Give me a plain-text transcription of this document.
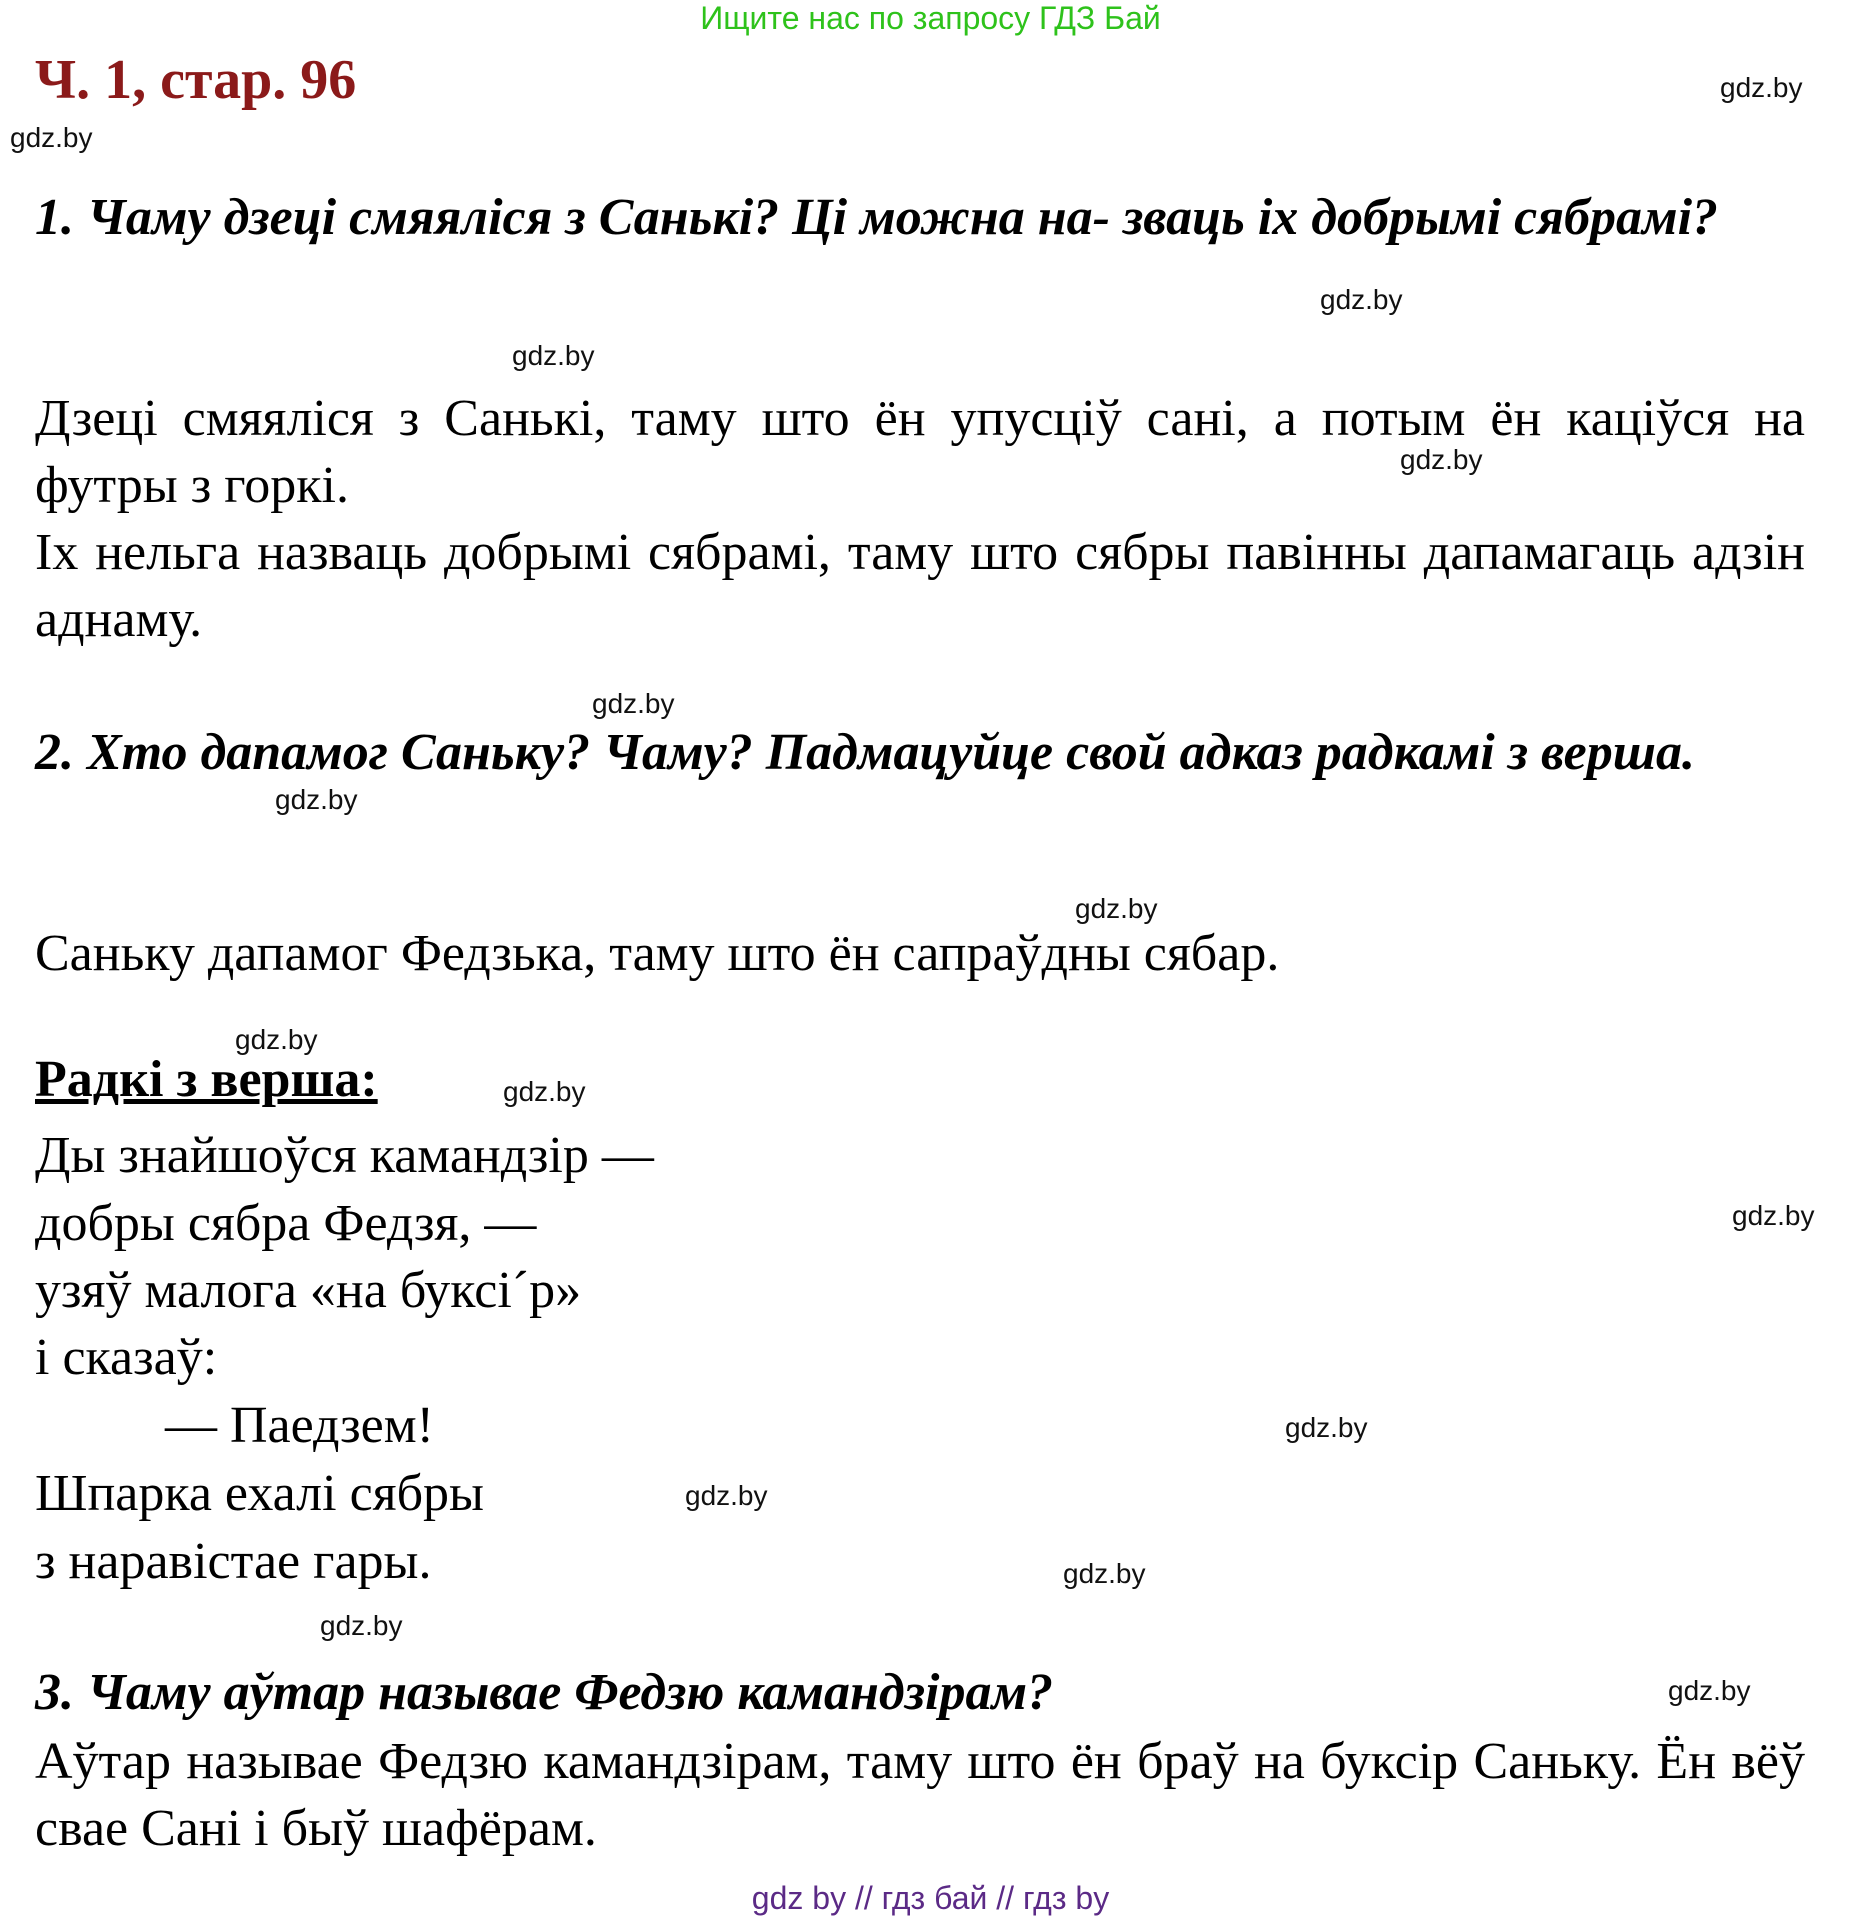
Ищите нас по запросу ГДЗ Бай
Ч. 1, стар. 96	gdz.by
gdz.by
gdz.by
gdz.by
gdz.by
gdz.by
gdz.by
gdz.by
gdz.by
gdz.by
gdz.by
gdz.by
gdz.by
gdz.by
gdz.by
gdz.by
1. Чаму дзеці смяяліся з Санькі? Ці можна на- зваць іх добрымі сябрамі?
Дзеці смяяліся з Санькі, таму што ён упусціў сані, а потым ён каціўся на футры з горкі.
Іх нельга назваць добрымі сябрамі, таму што сябры павінны дапамагаць адзін аднаму.
2. Хто дапамог Саньку? Чаму? Падмацуйце свой адказ радкамі з верша.
Саньку дапамог Федзька, таму што ён сапраўдны сябар.
Радкі з верша:
Ды знайшоўся камандзір —
добры сябра Федзя, —
узяў малога «на буксі´р»
і сказаў:
— Паедзем!
Шпарка ехалі сябры
з наравістае гары.
3. Чаму аўтар называе Федзю камандзірам?
Аўтар называе Федзю камандзірам, таму што ён браў на буксір Саньку. Ён вёў свае Сані і быў шафёрам.
gdz by // гдз бай // гдз by
